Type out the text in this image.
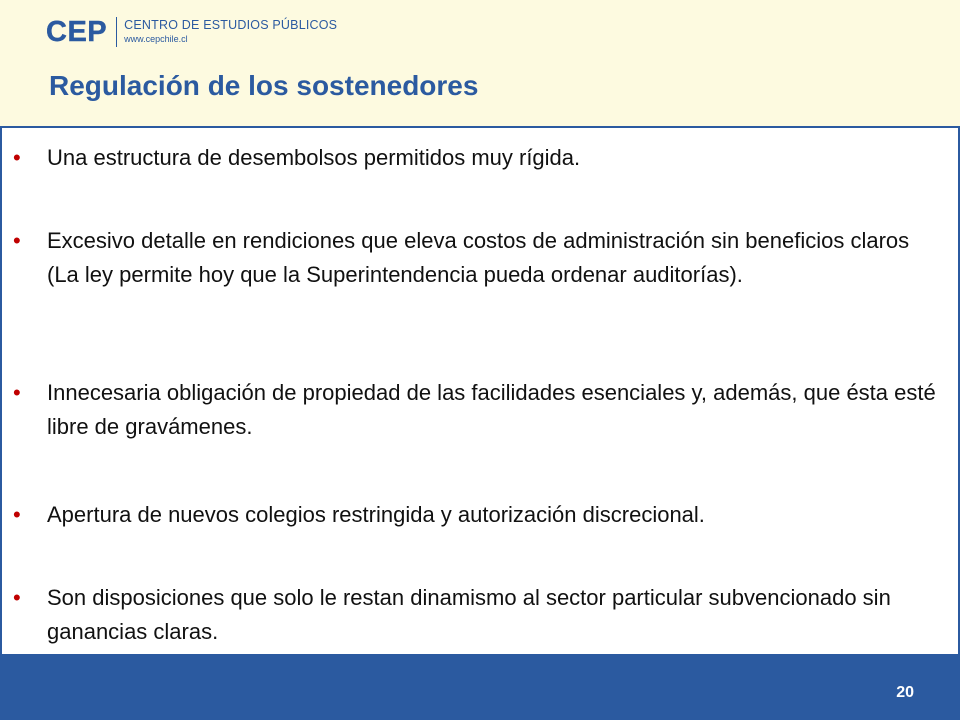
CEP CENTRO DE ESTUDIOS PÚBLICOS
www.cepchile.cl
Regulación de los sostenedores
• Una estructura de desembolsos permitidos muy rígida.
• Excesivo detalle en rendiciones que eleva costos de administración sin beneficios claros (La ley permite hoy que la Superintendencia pueda ordenar auditorías).
• Innecesaria obligación de propiedad de las facilidades esenciales y, además, que ésta esté libre de gravámenes.
• Apertura de nuevos colegios restringida y autorización discrecional.
• Son disposiciones que solo le restan dinamismo al sector particular subvencionado sin ganancias claras.
20
